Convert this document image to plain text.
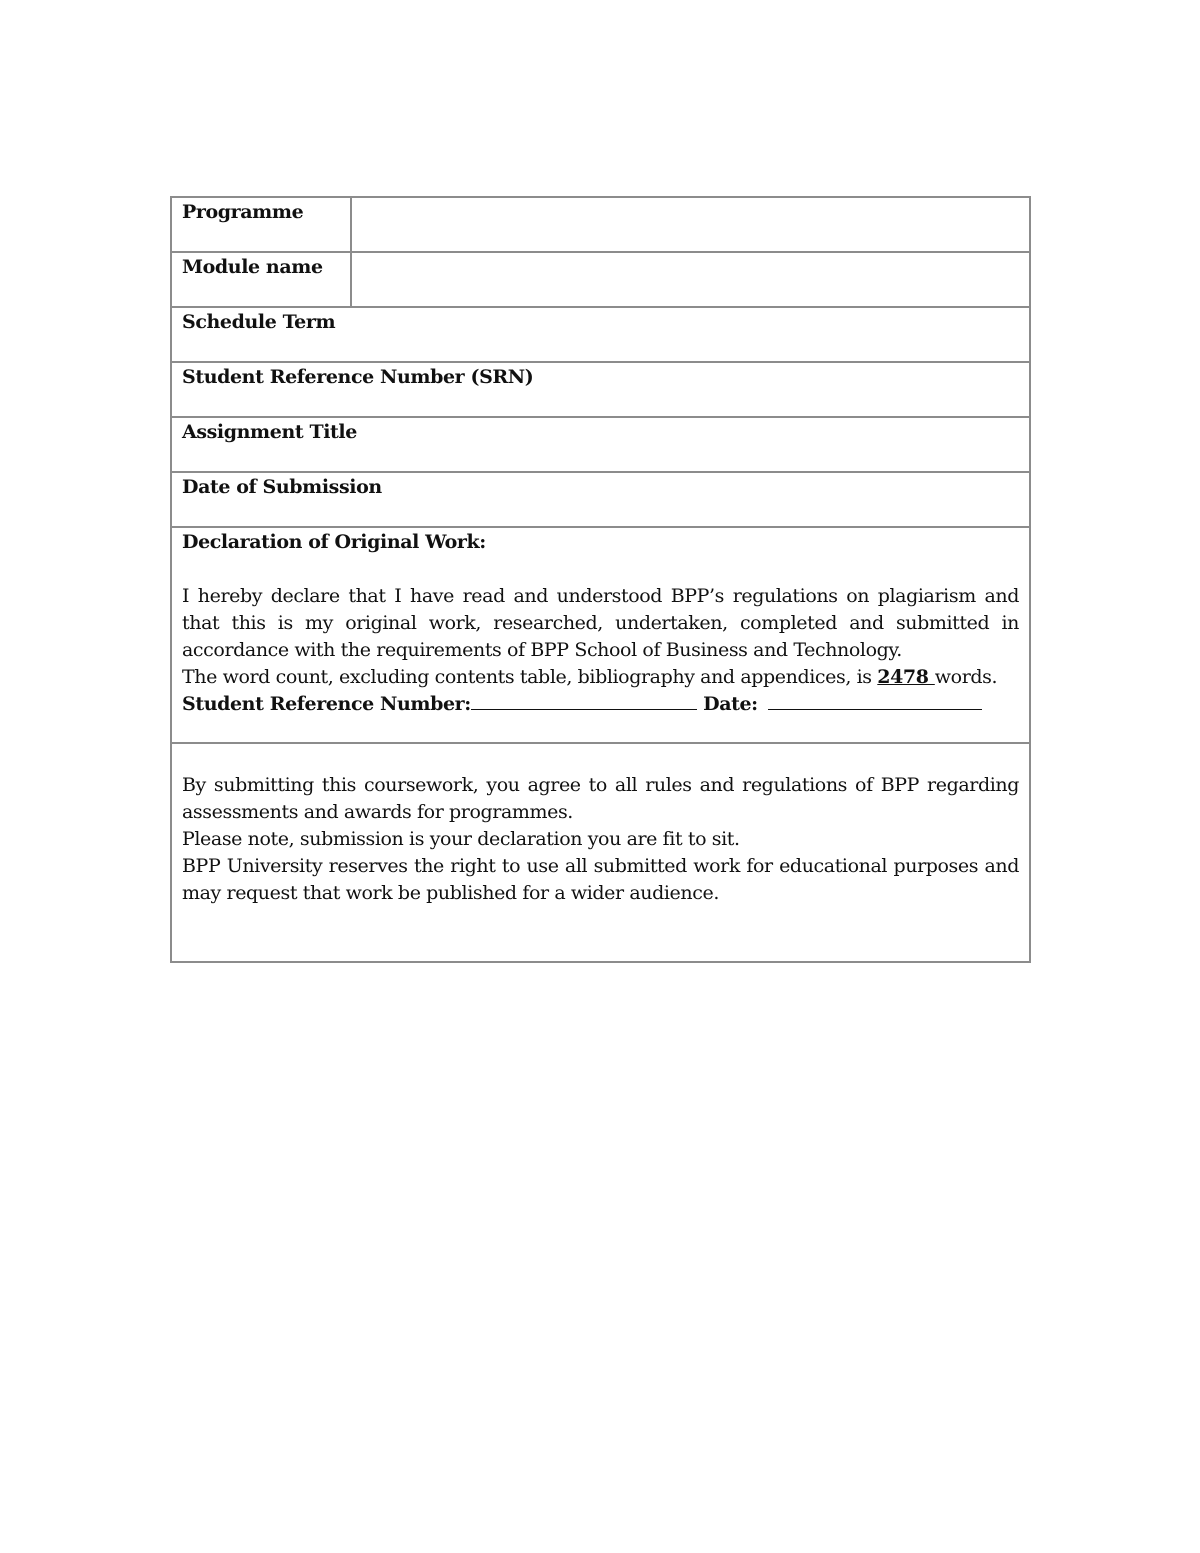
Programme	
Module name	
Schedule Term	
Student Reference Number (SRN)	
Assignment Title	
Date of Submission	

Declaration of Original Work:

I hereby declare that I have read and understood BPP’s regulations on plagiarism and that this is my original work, researched, undertaken, completed and submitted in accordance with the requirements of BPP School of Business and Technology.

The word count, excluding contents table, bibliography and appendices, is 2478 words.

Student Reference Number: Date:	

By submitting this coursework, you agree to all rules and regulations of BPP regarding assessments and awards for programmes.

Please note, submission is your declaration you are fit to sit.

BPP University reserves the right to use all submitted work for educational purposes and may request that work be published for a wider audience.	
